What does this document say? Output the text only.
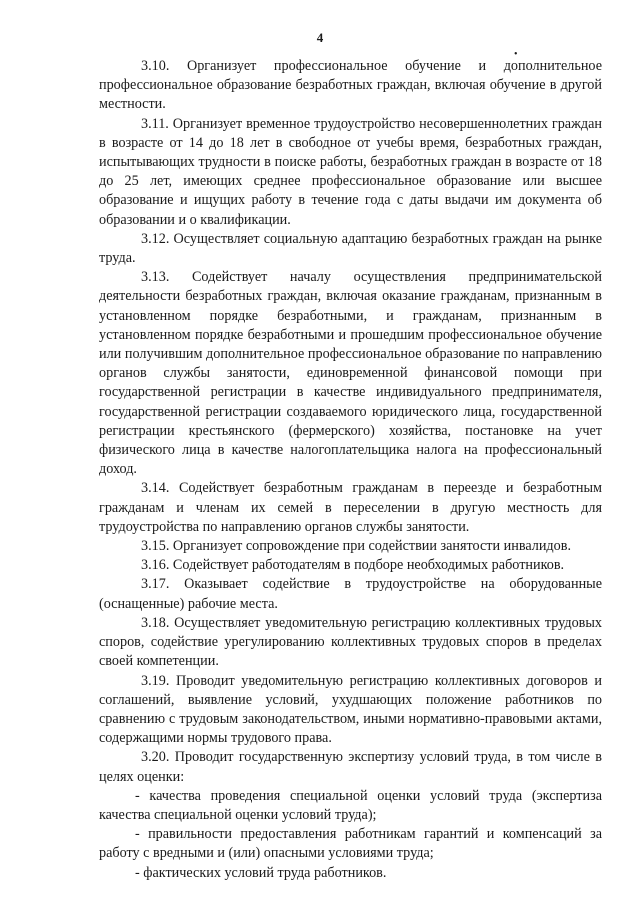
4
•

3.10. Организует профессиональное обучение и дополнительное профессиональное образование безработных граждан, включая обучение в другой местности.

3.11. Организует временное трудоустройство несовершеннолетних граждан в возрасте от 14 до 18 лет в свободное от учебы время, безработных граждан, испытывающих трудности в поиске работы, безработных граждан в возрасте от 18 до 25 лет, имеющих среднее профессиональное образование или высшее образование и ищущих работу в течение года с даты выдачи им документа об образовании и о квалификации.

3.12. Осуществляет социальную адаптацию безработных граждан на рынке труда.

3.13. Содействует началу осуществления предпринимательской деятельности безработных граждан, включая оказание гражданам, признанным в установленном порядке безработными, и гражданам, признанным в установленном порядке безработными и прошедшим профессиональное обучение или получившим дополнительное профессиональное образование по направлению органов службы занятости, единовременной финансовой помощи при государственной регистрации в качестве индивидуального предпринимателя, государственной регистрации создаваемого юридического лица, государственной регистрации крестьянского (фермерского) хозяйства, постановке на учет физического лица в качестве налогоплательщика налога на профессиональный доход.

3.14. Содействует безработным гражданам в переезде и безработным гражданам и членам их семей в переселении в другую местность для трудоустройства по направлению органов службы занятости.

3.15. Организует сопровождение при содействии занятости инвалидов.

3.16. Содействует работодателям в подборе необходимых работников.

3.17. Оказывает содействие в трудоустройстве на оборудованные (оснащенные) рабочие места.

3.18. Осуществляет уведомительную регистрацию коллективных трудовых споров, содействие урегулированию коллективных трудовых споров в пределах своей компетенции.

3.19. Проводит уведомительную регистрацию коллективных договоров и соглашений, выявление условий, ухудшающих положение работников по сравнению с трудовым законодательством, иными нормативно-правовыми актами, содержащими нормы трудового права.

3.20. Проводит государственную экспертизу условий труда, в том числе в целях оценки:

- качества проведения специальной оценки условий труда (экспертиза качества специальной оценки условий труда);

- правильности предоставления работникам гарантий и компенсаций за работу с вредными и (или) опасными условиями труда;

- фактических условий труда работников.
